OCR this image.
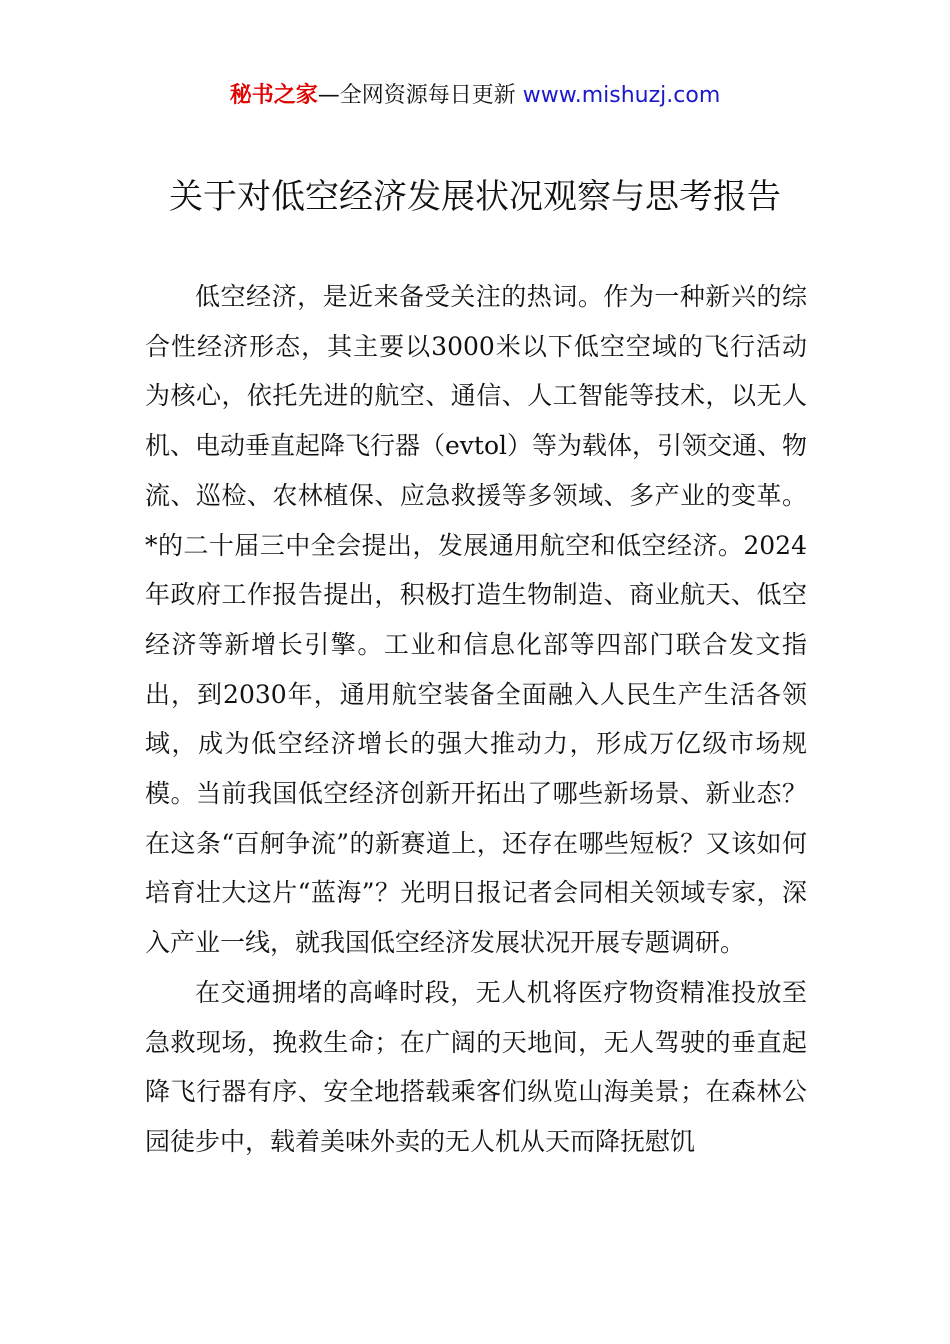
秘书之家—全网资源每日更新 www.mishuzj.com
关于对低空经济发展状况观察与思考报告

低空经济，是近来备受关注的热词。作为一种新兴的综合性经济形态，其主要以3000米以下低空空域的飞行活动为核心，依托先进的航空、通信、人工智能等技术，以无人机、电动垂直起降飞行器（evtol）等为载体，引领交通、物流、巡检、农林植保、应急救援等多领域、多产业的变革。*的二十届三中全会提出，发展通用航空和低空经济。2024年政府工作报告提出，积极打造生物制造、商业航天、低空经济等新增长引擎。工业和信息化部等四部门联合发文指出，到2030年，通用航空装备全面融入人民生产生活各领域，成为低空经济增长的强大推动力，形成万亿级市场规模。当前我国低空经济创新开拓出了哪些新场景、新业态？在这条“百舸争流”的新赛道上，还存在哪些短板？又该如何培育壮大这片“蓝海”？光明日报记者会同相关领域专家，深入产业一线，就我国低空经济发展状况开展专题调研。

在交通拥堵的高峰时段，无人机将医疗物资精准投放至急救现场，挽救生命；在广阔的天地间，无人驾驶的垂直起降飞行器有序、安全地搭载乘客们纵览山海美景；在森林公园徒步中，载着美味外卖的无人机从天而降抚慰饥
